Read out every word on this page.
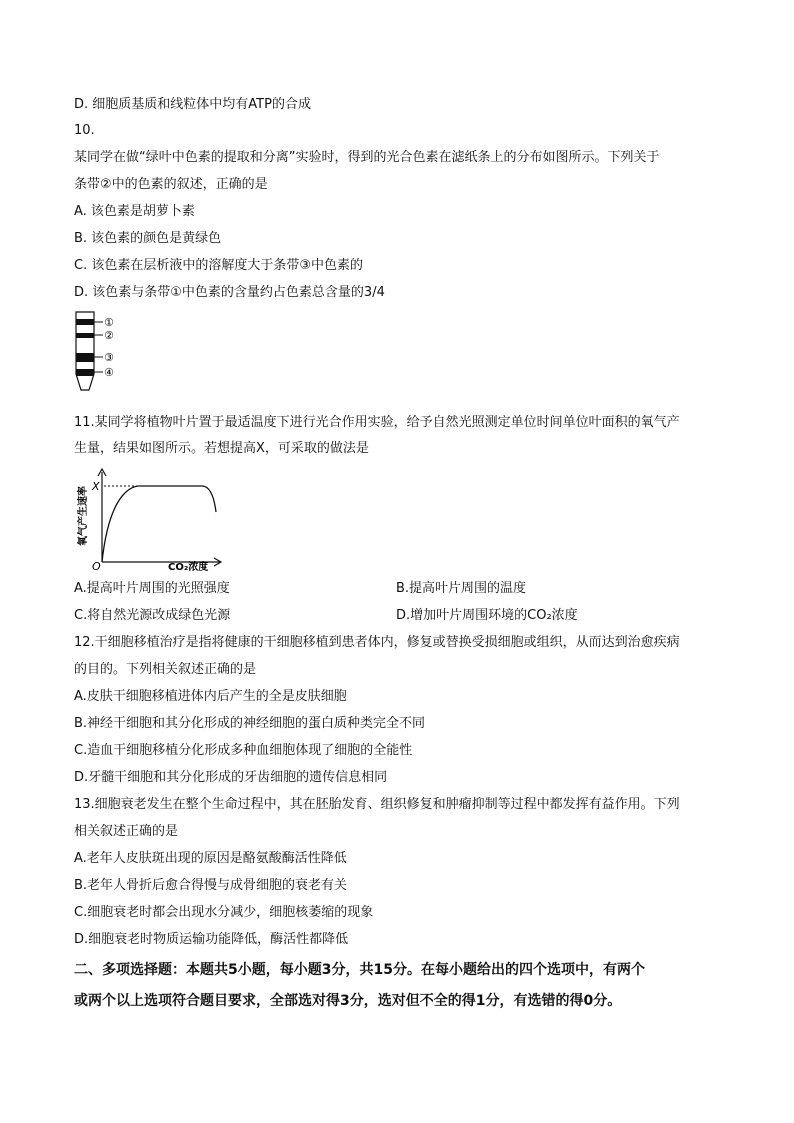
D. 细胞质基质和线粒体中均有ATP的合成
10.
某同学在做“绿叶中色素的提取和分离”实验时，得到的光合色素在滤纸条上的分布如图所示。下列关于
条带②中的色素的叙述，正确的是
A. 该色素是胡萝卜素
B. 该色素的颜色是黄绿色
C. 该色素在层析液中的溶解度大于条带③中色素的
D. 该色素与条带①中色素的含量约占色素总含量的3/4
①
②
③
④
11.某同学将植物叶片置于最适温度下进行光合作用实验，给予自然光照测定单位时间单位叶面积的氧气产
生量，结果如图所示。若想提高X，可采取的做法是
氧气产生速率 X
O	CO₂浓度
A.提高叶片周围的光照强度	B.提高叶片周围的温度
C.将自然光源改成绿色光源	D.增加叶片周围环境的CO₂浓度
12.干细胞移植治疗是指将健康的干细胞移植到患者体内，修复或替换受损细胞或组织，从而达到治愈疾病
的目的。下列相关叙述正确的是
A.皮肤干细胞移植进体内后产生的全是皮肤细胞
B.神经干细胞和其分化形成的神经细胞的蛋白质种类完全不同
C.造血干细胞移植分化形成多种血细胞体现了细胞的全能性
D.牙髓干细胞和其分化形成的牙齿细胞的遗传信息相同
13.细胞衰老发生在整个生命过程中，其在胚胎发育、组织修复和肿瘤抑制等过程中都发挥有益作用。下列
相关叙述正确的是
A.老年人皮肤斑出现的原因是酪氨酸酶活性降低
B.老年人骨折后愈合得慢与成骨细胞的衰老有关
C.细胞衰老时都会出现水分减少，细胞核萎缩的现象
D.细胞衰老时物质运输功能降低，酶活性都降低
二、多项选择题：本题共5小题，每小题3分，共15分。在每小题给出的四个选项中，有两个
或两个以上选项符合题目要求，全部选对得3分，选对但不全的得1分，有选错的得0分。
